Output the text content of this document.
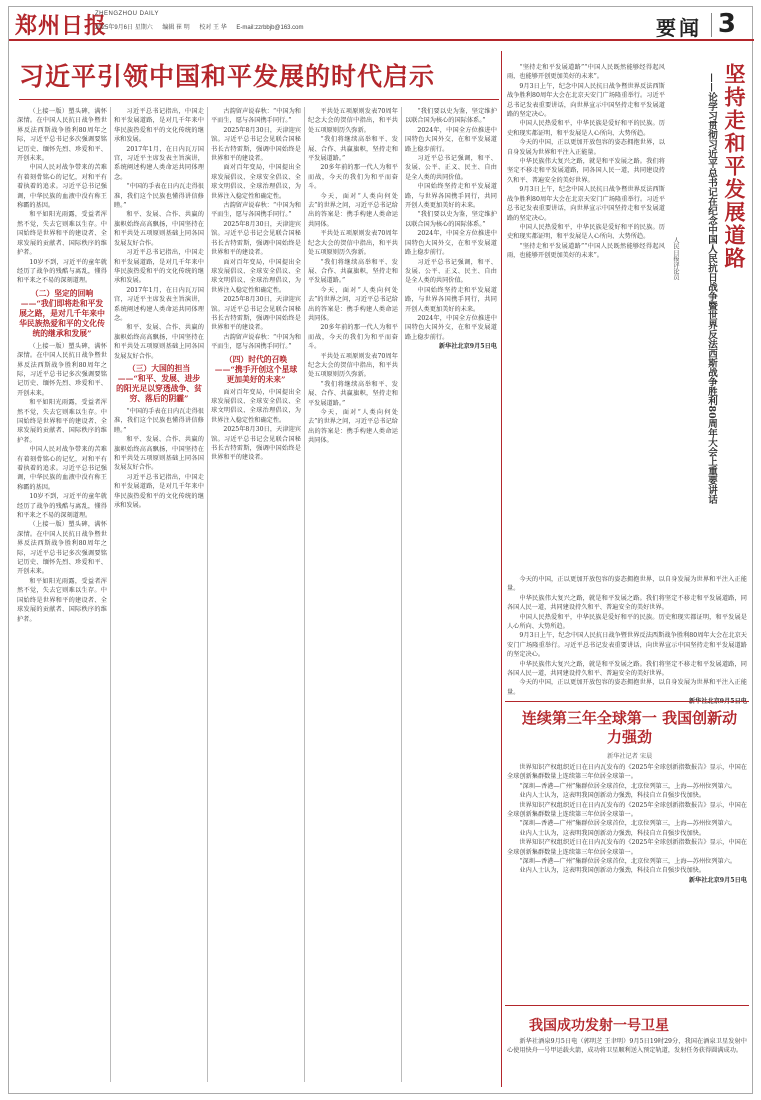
郑州日报
ZHENGZHOU DAILY
2025年9月6日 星期六 编辑 崔 明 校对 王 华 E-mail:zzrbbjb@163.com	要闻 3
习近平引领中国和平发展的时代启示

（上接一版）塑头碑，满怀深情。在中国人民抗日战争暨世界反法西斯战争胜利80周年之际，习近平总书记多次强调要铭记历史、缅怀先烈、珍爱和平、开创未来。

中国人民对战争带来的苦难有着刻骨铭心的记忆，对和平有着执着的追求。习近平总书记强调，中华民族的血液中没有称王称霸的基因。

和平如阳光雨露，受益者浑然不觉，失去它则难以生存。中国始终是世界和平的建设者、全球发展的贡献者、国际秩序的维护者。

10岁不到，习近平的童年就经历了战争的残酷与离乱，懂得和平来之不易的深刻道理。

（二）坚定的回响——“我们即将赴和平发展之路，是对几千年来中华民族热爱和平的文化传统的继承和发展”

（上接一版）塑头碑，满怀深情。在中国人民抗日战争暨世界反法西斯战争胜利80周年之际，习近平总书记多次强调要铭记历史、缅怀先烈、珍爱和平、开创未来。

和平如阳光雨露，受益者浑然不觉，失去它则难以生存。中国始终是世界和平的建设者、全球发展的贡献者、国际秩序的维护者。

中国人民对战争带来的苦难有着刻骨铭心的记忆，对和平有着执着的追求。习近平总书记强调，中华民族的血液中没有称王称霸的基因。

10岁不到，习近平的童年就经历了战争的残酷与离乱，懂得和平来之不易的深刻道理。

（上接一版）塑头碑，满怀深情。在中国人民抗日战争暨世界反法西斯战争胜利80周年之际，习近平总书记多次强调要铭记历史、缅怀先烈、珍爱和平、开创未来。

和平如阳光雨露，受益者浑然不觉，失去它则难以生存。中国始终是世界和平的建设者、全球发展的贡献者、国际秩序的维护者。

习近平总书记指出，中国走和平发展道路，是对几千年来中华民族热爱和平的文化传统的继承和发展。

2017年1月，在日内瓦万国宫，习近平主席发表主旨演讲，系统阐述构建人类命运共同体理念。

“中国的手表在日内瓦走得很准，我们这个民族也懂得讲信修睦。”

和平、发展、合作、共赢的旗帜始终高高飘扬，中国坚持在和平共处五项原则基础上同各国发展友好合作。

习近平总书记指出，中国走和平发展道路，是对几千年来中华民族热爱和平的文化传统的继承和发展。

2017年1月，在日内瓦万国宫，习近平主席发表主旨演讲，系统阐述构建人类命运共同体理念。

和平、发展、合作、共赢的旗帜始终高高飘扬，中国坚持在和平共处五项原则基础上同各国发展友好合作。

（三）大国的担当——“和平、发展、进步的阳光足以穿透战争、贫穷、落后的阴霾”

“中国的手表在日内瓦走得很准，我们这个民族也懂得讲信修睦。”

和平、发展、合作、共赢的旗帜始终高高飘扬，中国坚持在和平共处五项原则基础上同各国发展友好合作。

习近平总书记指出，中国走和平发展道路，是对几千年来中华民族热爱和平的文化传统的继承和发展。

古韵留声说春秋：“中国为和平而生，愿与各国携手同行。”

2025年8月30日，天津迎宾馆。习近平总书记会见联合国秘书长古特雷斯，强调中国始终是世界和平的建设者。

面对百年变局，中国提出全球发展倡议、全球安全倡议、全球文明倡议、全球治理倡议，为世界注入稳定性和确定性。

古韵留声说春秋：“中国为和平而生，愿与各国携手同行。”

2025年8月30日，天津迎宾馆。习近平总书记会见联合国秘书长古特雷斯，强调中国始终是世界和平的建设者。

面对百年变局，中国提出全球发展倡议、全球安全倡议、全球文明倡议、全球治理倡议，为世界注入稳定性和确定性。

2025年8月30日，天津迎宾馆。习近平总书记会见联合国秘书长古特雷斯，强调中国始终是世界和平的建设者。

古韵留声说春秋：“中国为和平而生，愿与各国携手同行。”

（四）时代的召唤——“携手开创这个星球更加美好的未来”

面对百年变局，中国提出全球发展倡议、全球安全倡议、全球文明倡议、全球治理倡议，为世界注入稳定性和确定性。

2025年8月30日，天津迎宾馆。习近平总书记会见联合国秘书长古特雷斯，强调中国始终是世界和平的建设者。

平共处五项原则发表70周年纪念大会的贺信中指出，和平共处五项原则历久弥新。

“我们将继续高举和平、发展、合作、共赢旗帜，坚持走和平发展道路。”

20多年前的那一代人为和平而战，今天的我们为和平而奋斗。

今天，面对“人类向何处去”的世界之问，习近平总书记给出的答案是：携手构建人类命运共同体。

平共处五项原则发表70周年纪念大会的贺信中指出，和平共处五项原则历久弥新。

“我们将继续高举和平、发展、合作、共赢旗帜，坚持走和平发展道路。”

今天，面对“人类向何处去”的世界之问，习近平总书记给出的答案是：携手构建人类命运共同体。

20多年前的那一代人为和平而战，今天的我们为和平而奋斗。

平共处五项原则发表70周年纪念大会的贺信中指出，和平共处五项原则历久弥新。

“我们将继续高举和平、发展、合作、共赢旗帜，坚持走和平发展道路。”

今天，面对“人类向何处去”的世界之问，习近平总书记给出的答案是：携手构建人类命运共同体。

“我们要以史为鉴，坚定维护以联合国为核心的国际体系。”

2024年，中国全方位推进中国特色大国外交，在和平发展道路上稳步前行。

习近平总书记强调，和平、发展、公平、正义、民主、自由是全人类的共同价值。

中国始终坚持走和平发展道路，与世界各国携手同行，共同开创人类更加美好的未来。

“我们要以史为鉴，坚定维护以联合国为核心的国际体系。”

2024年，中国全方位推进中国特色大国外交，在和平发展道路上稳步前行。

习近平总书记强调，和平、发展、公平、正义、民主、自由是全人类的共同价值。

中国始终坚持走和平发展道路，与世界各国携手同行，共同开创人类更加美好的未来。

2024年，中国全方位推进中国特色大国外交，在和平发展道路上稳步前行。

新华社北京9月5日电

坚持走和平发展道路
——论学习贯彻习近平总书记在纪念中国人民抗日战争暨世界反法西斯战争胜利80周年大会上重要讲话
人民日报评论员

“坚持走和平发展道路”“中国人民既然能够经得起风雨，也能够开创更加美好的未来”。

9月3日上午，纪念中国人民抗日战争暨世界反法西斯战争胜利80周年大会在北京天安门广场隆重举行。习近平总书记发表重要讲话，向世界宣示中国坚持走和平发展道路的坚定决心。

中国人民热爱和平，中华民族是爱好和平的民族。历史和现实都证明，和平发展是人心所向、大势所趋。

今天的中国，正以更加开放包容的姿态拥抱世界，以自身发展为世界和平注入正能量。

中华民族伟大复兴之路，就是和平发展之路。我们将坚定不移走和平发展道路，同各国人民一道，共同建设持久和平、普遍安全的美好世界。

9月3日上午，纪念中国人民抗日战争暨世界反法西斯战争胜利80周年大会在北京天安门广场隆重举行。习近平总书记发表重要讲话，向世界宣示中国坚持走和平发展道路的坚定决心。

中国人民热爱和平，中华民族是爱好和平的民族。历史和现实都证明，和平发展是人心所向、大势所趋。

“坚持走和平发展道路”“中国人民既然能够经得起风雨，也能够开创更加美好的未来”。

今天的中国，正以更加开放包容的姿态拥抱世界，以自身发展为世界和平注入正能量。

中华民族伟大复兴之路，就是和平发展之路。我们将坚定不移走和平发展道路，同各国人民一道，共同建设持久和平、普遍安全的美好世界。

中国人民热爱和平，中华民族是爱好和平的民族。历史和现实都证明，和平发展是人心所向、大势所趋。

9月3日上午，纪念中国人民抗日战争暨世界反法西斯战争胜利80周年大会在北京天安门广场隆重举行。习近平总书记发表重要讲话，向世界宣示中国坚持走和平发展道路的坚定决心。

中华民族伟大复兴之路，就是和平发展之路。我们将坚定不移走和平发展道路，同各国人民一道，共同建设持久和平、普遍安全的美好世界。

今天的中国，正以更加开放包容的姿态拥抱世界，以自身发展为世界和平注入正能量。

连续第三年全球第一 我国创新动力强劲
新华社记者 宋晨

世界知识产权组织近日在日内瓦发布的《2025年全球创新指数报告》显示，中国在全球创新集群数量上连续第三年位居全球第一。

“深圳—香港—广州”集群位居全球首位，北京位列第三，上海—苏州位列第六。

业内人士认为，这表明我国创新动力强劲，科技自立自强步伐加快。

世界知识产权组织近日在日内瓦发布的《2025年全球创新指数报告》显示，中国在全球创新集群数量上连续第三年位居全球第一。

“深圳—香港—广州”集群位居全球首位，北京位列第三，上海—苏州位列第六。

业内人士认为，这表明我国创新动力强劲，科技自立自强步伐加快。

世界知识产权组织近日在日内瓦发布的《2025年全球创新指数报告》显示，中国在全球创新集群数量上连续第三年位居全球第一。

“深圳—香港—广州”集群位居全球首位，北京位列第三，上海—苏州位列第六。

业内人士认为，这表明我国创新动力强劲，科技自立自强步伐加快。

新华社北京9月5日电

我国成功发射一号卫星

新华社酒泉9月5日电（郭明芝 王聿明）9月5日19时29分，我国在酒泉卫星发射中心使用快舟一号甲运载火箭，成功将卫星顺利送入预定轨道，发射任务获得圆满成功。
